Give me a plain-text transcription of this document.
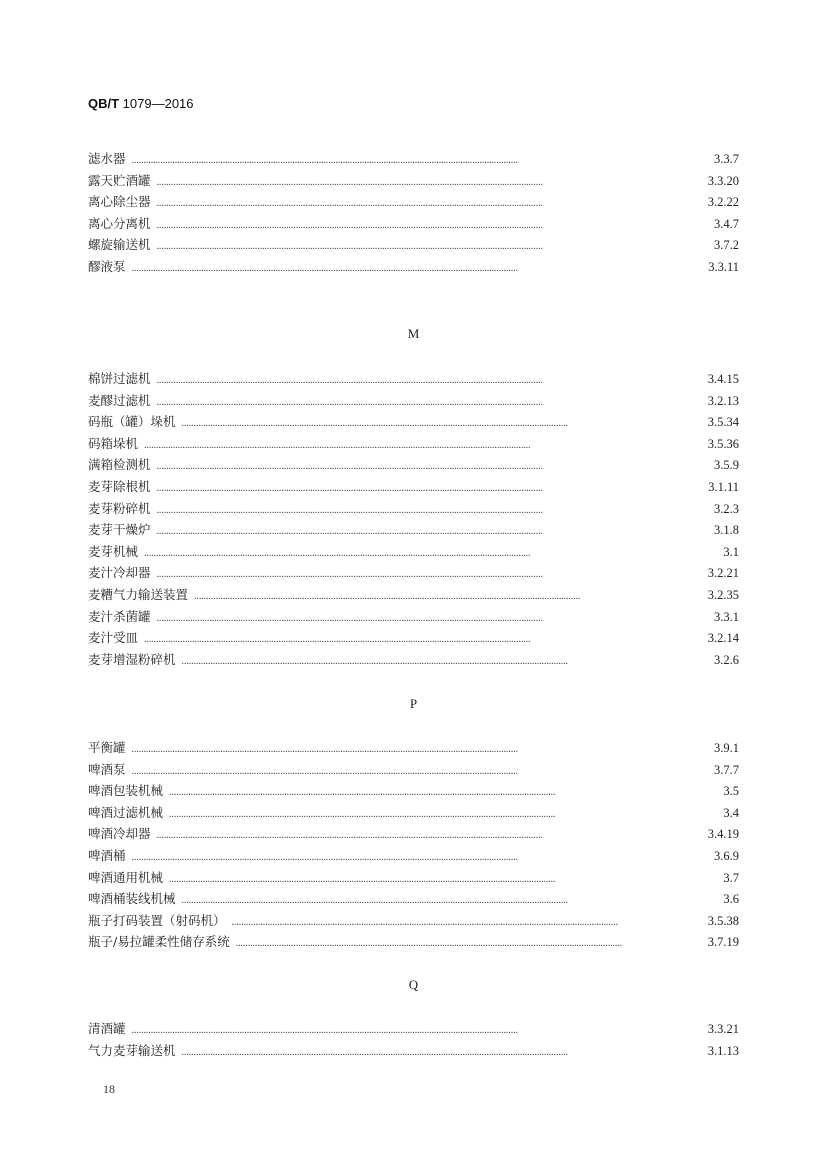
QB/T 1079—2016
滤水器 . . .	3.3.7
露天贮酒罐 . . .	3.3.20
离心除尘器 . . .	3.2.22
离心分离机 . . .	3.4.7
螺旋输送机 . . .	3.7.2
醪液泵 . . .	3.3.11
M
棉饼过滤机 . . .	3.4.15
麦醪过滤机 . . .	3.2.13
码瓶（罐）垛机 . . .	3.5.34
码箱垛机 . . .	3.5.36
满箱检测机 . . .	3.5.9
麦芽除根机 . . .	3.1.11
麦芽粉碎机 . . .	3.2.3
麦芽干燥炉 . . .	3.1.8
麦芽机械 . . .	3.1
麦汁冷却器 . . .	3.2.21
麦糟气力输送装置 . . .	3.2.35
麦汁杀菌罐 . . .	3.3.1
麦汁受皿 . . .	3.2.14
麦芽增湿粉碎机 . . .	3.2.6
P
平衡罐 . . .	3.9.1
啤酒泵 . . .	3.7.7
啤酒包装机械 . . .	3.5
啤酒过滤机械 . . .	3.4
啤酒冷却器 . . .	3.4.19
啤酒桶 . . .	3.6.9
啤酒通用机械 . . .	3.7
啤酒桶装线机械 . . .	3.6
瓶子打码装置（射码机） . . .	3.5.38
瓶子/易拉罐柔性储存系统 . . .	3.7.19
Q
清酒罐 . . .	3.3.21
气力麦芽输送机 . . .	3.1.13
18
